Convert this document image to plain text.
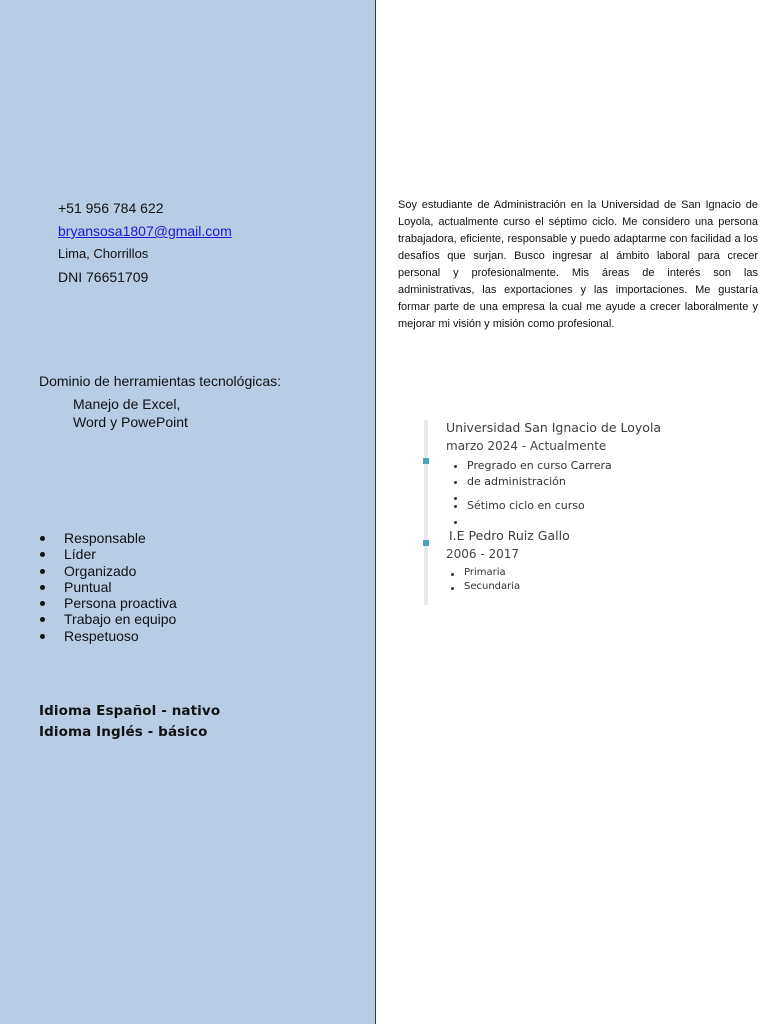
+51 956 784 622
bryansosa1807@gmail.com
Lima, Chorrillos
DNI 76651709
Dominio de herramientas tecnológicas:
Manejo de Excel,
Word y PowePoint
Responsable
Líder
Organizado
Puntual
Persona proactiva
Trabajo en equipo
Respetuoso
Idioma Español - nativo
Idioma Inglés - básico
Soy estudiante de Administración en la Universidad de San Ignacio de Loyola, actualmente curso el séptimo ciclo. Me considero una persona trabajadora, eficiente, responsable y puedo adaptarme con facilidad a los desafíos que surjan. Busco ingresar al ámbito laboral para crecer personal y profesionalmente. Mis áreas de interés son las administrativas, las exportaciones y las importaciones. Me gustaría formar parte de una empresa la cual me ayude a crecer laboralmente y mejorar mi visión y misión como profesional.
Universidad San Ignacio de Loyola
marzo 2024 - Actualmente
Pregrado en curso Carrera
de administración
Sétimo ciclo en curso
I.E Pedro Ruiz Gallo
2006 - 2017
Primaria
Secundaria
